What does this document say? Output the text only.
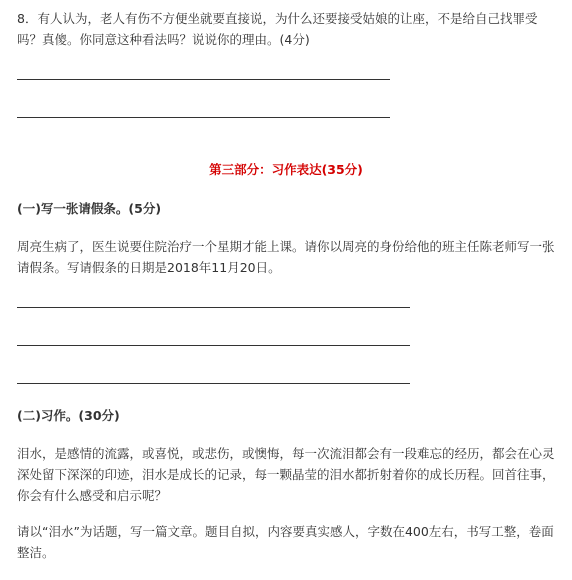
8．有人认为，老人有伤不方便坐就要直接说，为什么还要接受姑娘的让座，不是给自己找罪受吗？真傻。你同意这种看法吗？说说你的理由。(4分)

第三部分：习作表达(35分)
(一)写一张请假条。(5分)

周亮生病了，医生说要住院治疗一个星期才能上课。请你以周亮的身份给他的班主任陈老师写一张请假条。写请假条的日期是2018年11月20日。

(二)习作。(30分)

泪水，是感情的流露，或喜悦，或悲伤，或懊悔，每一次流泪都会有一段难忘的经历，都会在心灵深处留下深深的印迹，泪水是成长的记录，每一颗晶莹的泪水都折射着你的成长历程。回首往事，你会有什么感受和启示呢？

请以“泪水”为话题，写一篇文章。题目自拟，内容要真实感人，字数在400左右，书写工整，卷面整洁。
